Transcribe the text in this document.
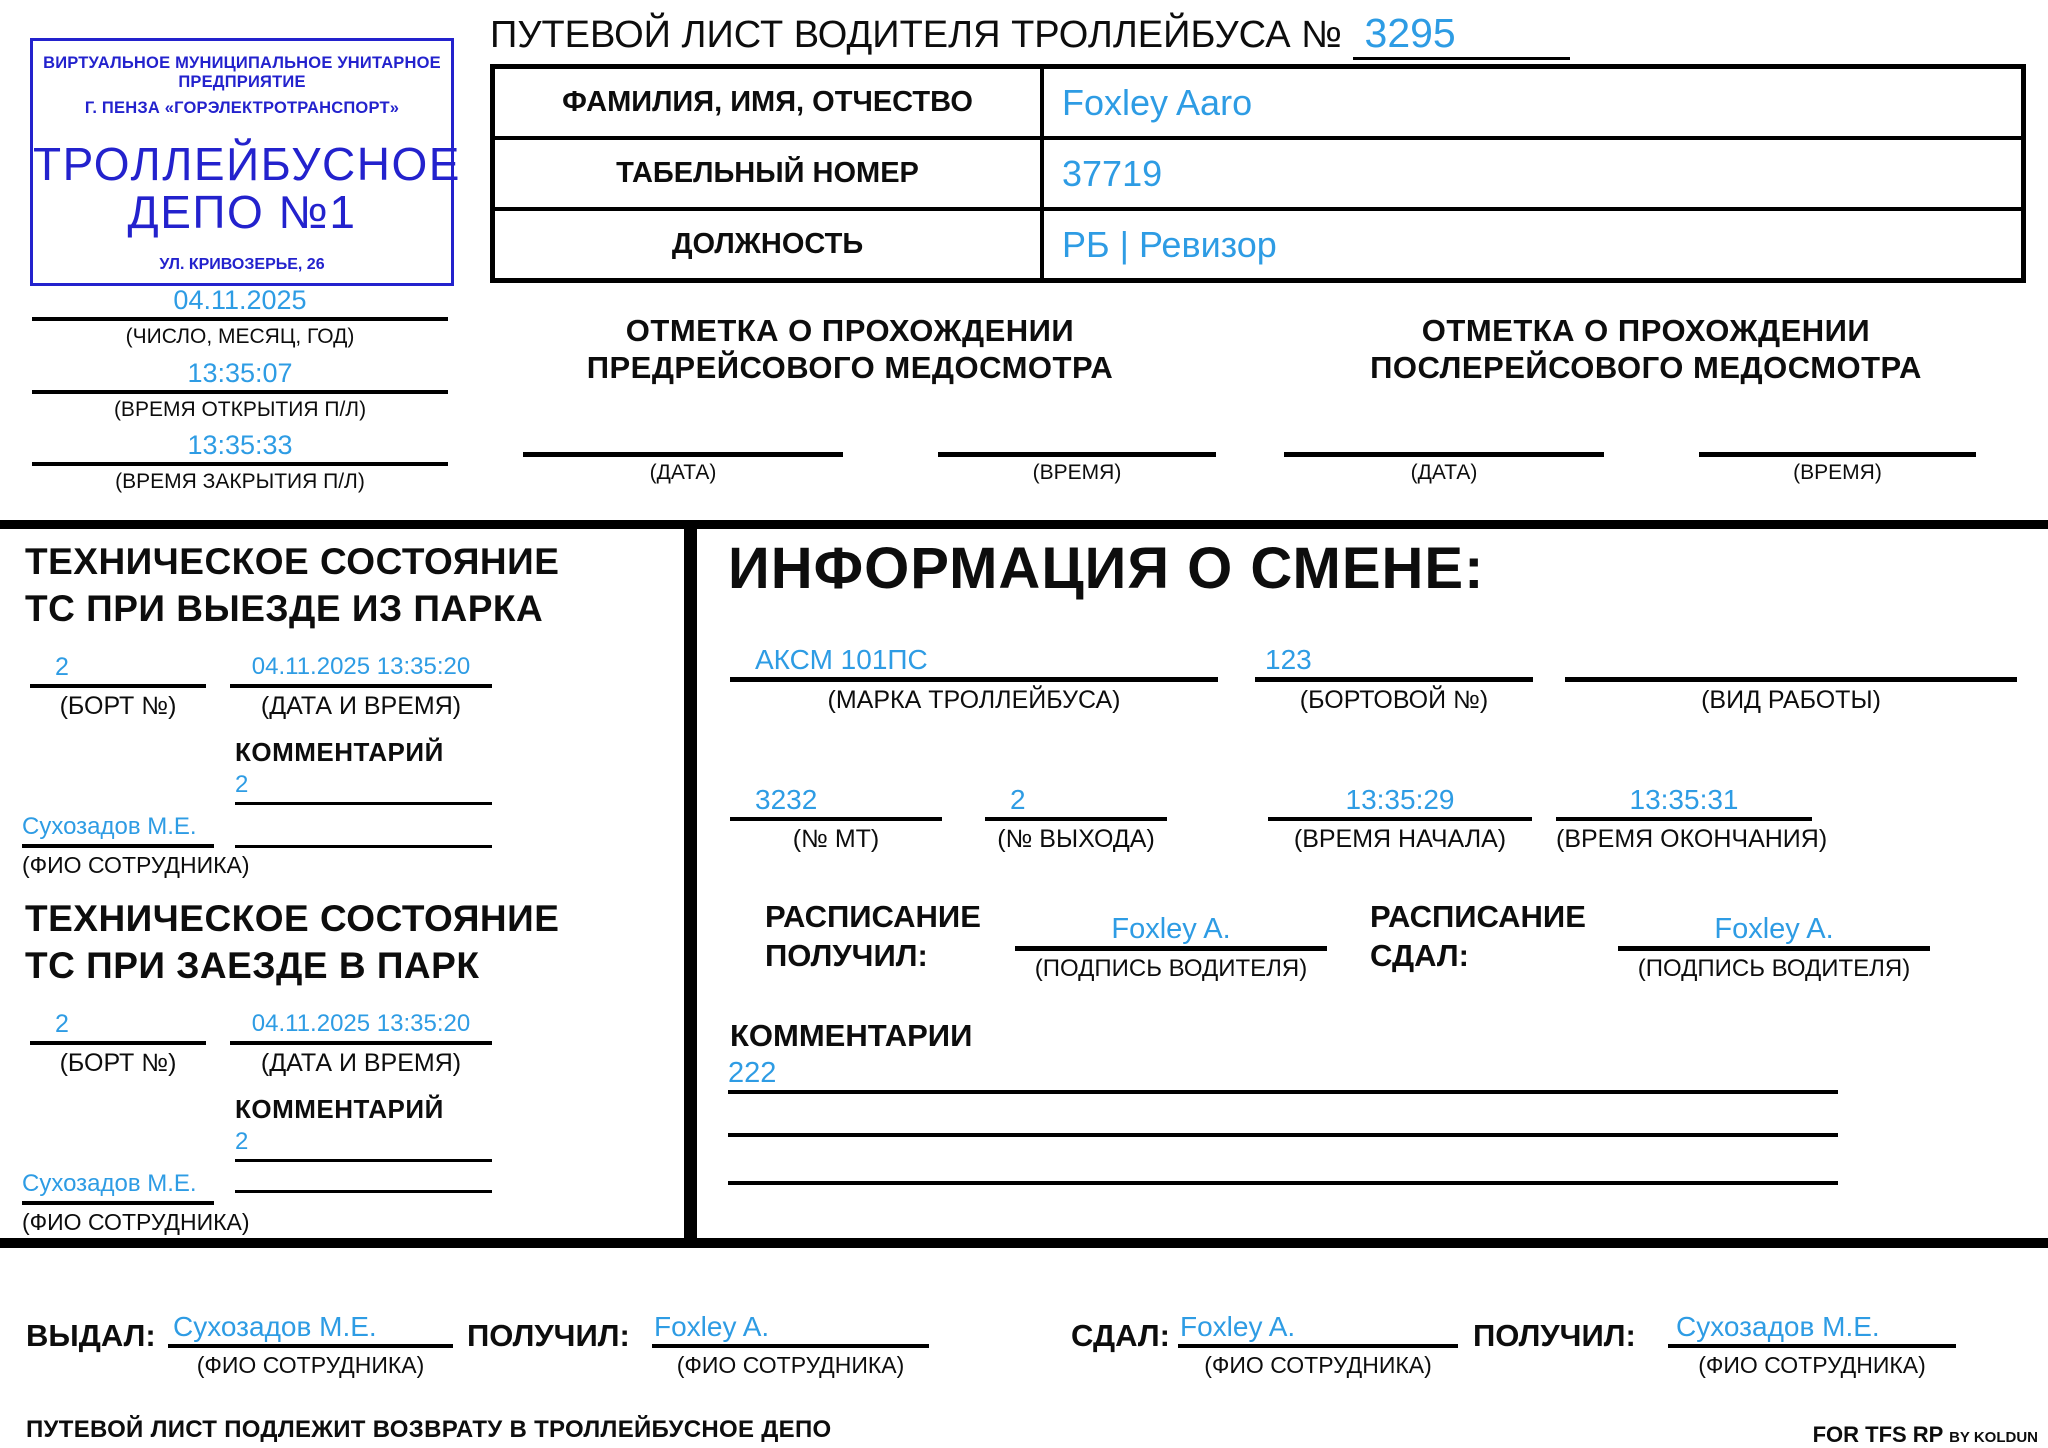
ВИРТУАЛЬНОЕ МУНИЦИПАЛЬНОЕ УНИТАРНОЕ ПРЕДПРИЯТИЕ
Г. ПЕНЗА «ГОРЭЛЕКТРОТРАНСПОРТ»
ТРОЛЛЕЙБУСНОЕ
ДЕПО №1
УЛ. КРИВОЗЕРЬЕ, 26
ПУТЕВОЙ ЛИСТ ВОДИТЕЛЯ ТРОЛЛЕЙБУСА № 3295
ФАМИЛИЯ, ИМЯ, ОТЧЕСТВО	Foxley Aaro
ТАБЕЛЬНЫЙ НОМЕР	37719
ДОЛЖНОСТЬ	РБ | Ревизор
04.11.2025
(ЧИСЛО, МЕСЯЦ, ГОД)
13:35:07
(ВРЕМЯ ОТКРЫТИЯ П/Л)
13:35:33
(ВРЕМЯ ЗАКРЫТИЯ П/Л)
ОТМЕТКА О ПРОХОЖДЕНИИ
ПРЕДРЕЙСОВОГО МЕДОСМОТРА
(ДАТА)	(ВРЕМЯ)
ОТМЕТКА О ПРОХОЖДЕНИИ
ПОСЛЕРЕЙСОВОГО МЕДОСМОТРА
(ДАТА)	(ВРЕМЯ)
ТЕХНИЧЕСКОЕ СОСТОЯНИЕ
ТС ПРИ ВЫЕЗДЕ ИЗ ПАРКА
2
(БОРТ №)
04.11.2025 13:35:20
(ДАТА И ВРЕМЯ)
КОММЕНТАРИЙ
2
Сухозадов М.Е.
(ФИО СОТРУДНИКА)
ТЕХНИЧЕСКОЕ СОСТОЯНИЕ
ТС ПРИ ЗАЕЗДЕ В ПАРК
2
(БОРТ №)
04.11.2025 13:35:20
(ДАТА И ВРЕМЯ)
КОММЕНТАРИЙ
2
Сухозадов М.Е.
(ФИО СОТРУДНИКА)
ИНФОРМАЦИЯ О СМЕНЕ:
АКСМ 101ПС
(МАРКА ТРОЛЛЕЙБУСА)
123
(БОРТОВОЙ №)	(ВИД РАБОТЫ)
3232
(№ МТ)
2
(№ ВЫХОДА)
13:35:29
(ВРЕМЯ НАЧАЛА)
13:35:31
(ВРЕМЯ ОКОНЧАНИЯ)
РАСПИСАНИЕ
ПОЛУЧИЛ:
Foxley A.
(ПОДПИСЬ ВОДИТЕЛЯ)
РАСПИСАНИЕ
СДАЛ:
Foxley A.
(ПОДПИСЬ ВОДИТЕЛЯ)
КОММЕНТАРИИ
222
ВЫДАЛ: Сухозадов М.Е.
(ФИО СОТРУДНИКА)
ПОЛУЧИЛ: Foxley A.
(ФИО СОТРУДНИКА)
СДАЛ: Foxley A.
(ФИО СОТРУДНИКА)
ПОЛУЧИЛ: Сухозадов М.Е.
(ФИО СОТРУДНИКА)
ПУТЕВОЙ ЛИСТ ПОДЛЕЖИТ ВОЗВРАТУ В ТРОЛЛЕЙБУСНОЕ ДЕПО	FOR TFS RP BY KOLDUN
